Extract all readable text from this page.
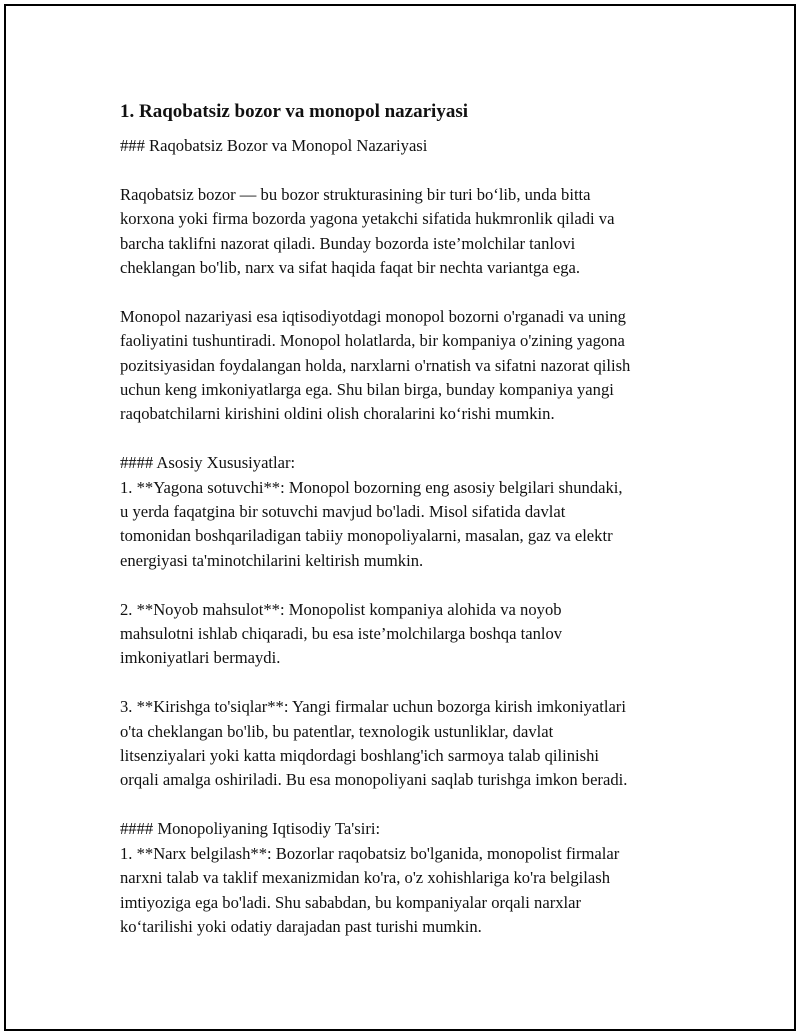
1. Raqobatsiz bozor va monopol nazariyasi

### Raqobatsiz Bozor va Monopol Nazariyasi

Raqobatsiz bozor — bu bozor strukturasining bir turi bo‘lib, unda bitta
korxona yoki firma bozorda yagona yetakchi sifatida hukmronlik qiladi va
barcha taklifni nazorat qiladi. Bunday bozorda iste’molchilar tanlovi
cheklangan bo'lib, narx va sifat haqida faqat bir nechta variantga ega.

Monopol nazariyasi esa iqtisodiyotdagi monopol bozorni o'rganadi va uning
faoliyatini tushuntiradi. Monopol holatlarda, bir kompaniya o'zining yagona
pozitsiyasidan foydalangan holda, narxlarni o'rnatish va sifatni nazorat qilish
uchun keng imkoniyatlarga ega. Shu bilan birga, bunday kompaniya yangi
raqobatchilarni kirishini oldini olish choralarini ko‘rishi mumkin.

#### Asosiy Xususiyatlar:
1. **Yagona sotuvchi**: Monopol bozorning eng asosiy belgilari shundaki,
u yerda faqatgina bir sotuvchi mavjud bo'ladi. Misol sifatida davlat
tomonidan boshqariladigan tabiiy monopoliyalarni, masalan, gaz va elektr
energiyasi ta'minotchilarini keltirish mumkin.

2. **Noyob mahsulot**: Monopolist kompaniya alohida va noyob
mahsulotni ishlab chiqaradi, bu esa iste’molchilarga boshqa tanlov
imkoniyatlari bermaydi.

3. **Kirishga to'siqlar**: Yangi firmalar uchun bozorga kirish imkoniyatlari
o'ta cheklangan bo'lib, bu patentlar, texnologik ustunliklar, davlat
litsenziyalari yoki katta miqdordagi boshlang'ich sarmoya talab qilinishi
orqali amalga oshiriladi. Bu esa monopoliyani saqlab turishga imkon beradi.

#### Monopoliyaning Iqtisodiy Ta'siri:
1. **Narx belgilash**: Bozorlar raqobatsiz bo'lganida, monopolist firmalar
narxni talab va taklif mexanizmidan ko'ra, o'z xohishlariga ko'ra belgilash
imtiyoziga ega bo'ladi. Shu sababdan, bu kompaniyalar orqali narxlar
ko‘tarilishi yoki odatiy darajadan past turishi mumkin.
